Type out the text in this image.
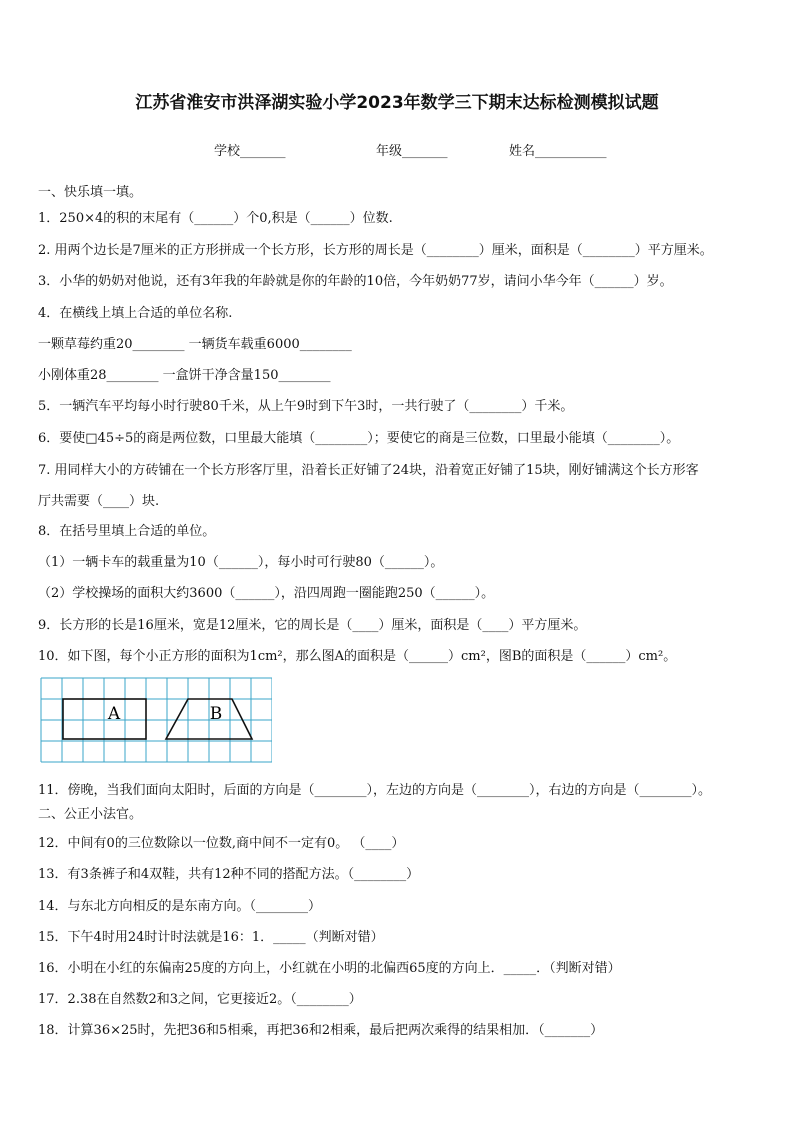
江苏省淮安市洪泽湖实验小学2023年数学三下期末达标检测模拟试题
学校_______	年级_______	姓名___________
一、快乐填一填。
1．250×4的积的末尾有（______）个0,积是（______）位数.
2. 用两个边长是7厘米的正方形拼成一个长方形，长方形的周长是（________）厘米，面积是（________）平方厘米。
3．小华的奶奶对他说，还有3年我的年龄就是你的年龄的10倍，今年奶奶77岁，请问小华今年（______）岁。
4．在横线上填上合适的单位名称.
一颗草莓约重20________ 一辆货车载重6000________
小刚体重28________ 一盒饼干净含量150________
5．一辆汽车平均每小时行驶80千米，从上午9时到下午3时，一共行驶了（________）千米。
6．要使□45÷5的商是两位数，口里最大能填（________）；要使它的商是三位数，口里最小能填（________）。
7. 用同样大小的方砖铺在一个长方形客厅里，沿着长正好铺了24块，沿着宽正好铺了15块，刚好铺满这个长方形客
厅共需要（____）块.
8．在括号里填上合适的单位。
（1）一辆卡车的载重量为10（______），每小时可行驶80（______）。
（2）学校操场的面积大约3600（______），沿四周跑一圈能跑250（______）。
9．长方形的长是16厘米，宽是12厘米，它的周长是（____）厘米，面积是（____）平方厘米。
10．如下图，每个小正方形的面积为1cm²，那么图A的面积是（______）cm²，图B的面积是（______）cm²。
A	B
11．傍晚，当我们面向太阳时，后面的方向是（________），左边的方向是（________），右边的方向是（________）。
二、公正小法官。
12．中间有0的三位数除以一位数,商中间不一定有0。 （____）
13．有3条裤子和4双鞋，共有12种不同的搭配方法。（________）
14．与东北方向相反的是东南方向。（________）
15．下午4时用24时计时法就是16：1．_____（判断对错）
16．小明在小红的东偏南25度的方向上，小红就在小明的北偏西65度的方向上．_____．（判断对错）
17．2.38在自然数2和3之间，它更接近2。（________）
18．计算36×25时，先把36和5相乘，再把36和2相乘，最后把两次乘得的结果相加．（_______）
